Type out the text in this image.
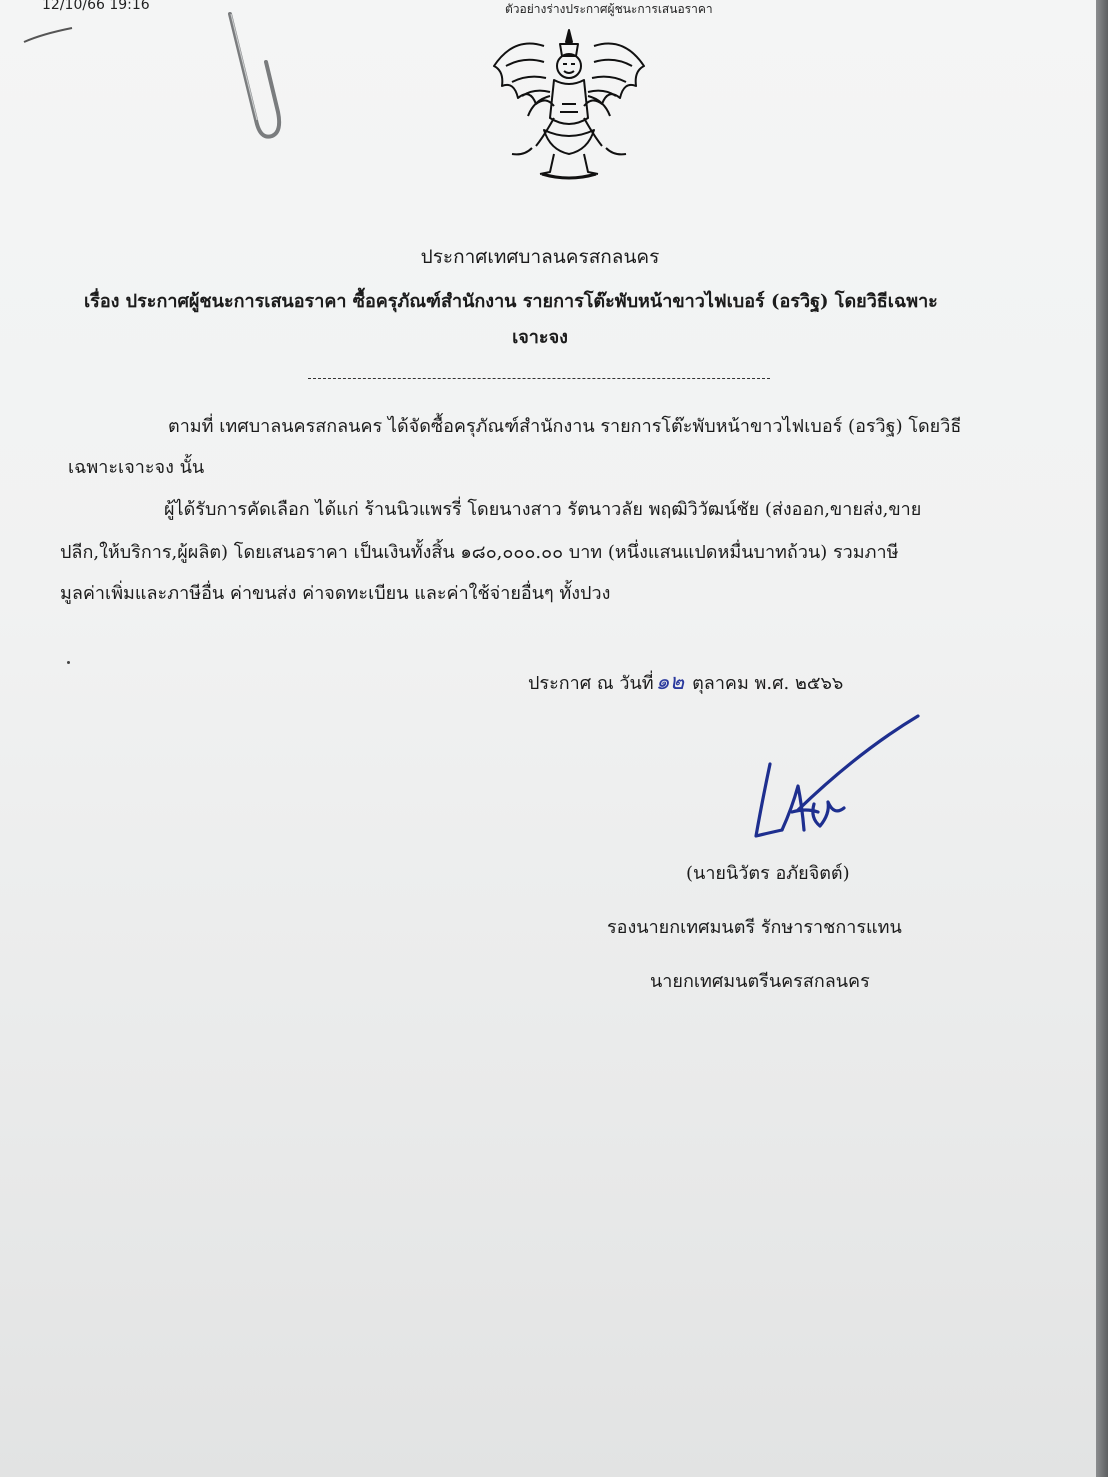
12/10/66 19:16	ตัวอย่างร่างประกาศผู้ชนะการเสนอราคา
ประกาศเทศบาลนครสกลนคร
เรื่อง ประกาศผู้ชนะการเสนอราคา ซื้อครุภัณฑ์สำนักงาน รายการโต๊ะพับหน้าขาวไฟเบอร์ (อรวิฐ) โดยวิธีเฉพาะ
เจาะจง
ตามที่ เทศบาลนครสกลนคร ได้จัดซื้อครุภัณฑ์สำนักงาน รายการโต๊ะพับหน้าขาวไฟเบอร์ (อรวิฐ) โดยวิธี
เฉพาะเจาะจง นั้น
ผู้ได้รับการคัดเลือก ได้แก่ ร้านนิวแพรรี่ โดยนางสาว รัตนาวลัย พฤฒิวิวัฒน์ชัย (ส่งออก,ขายส่ง,ขาย
ปลีก,ให้บริการ,ผู้ผลิต) โดยเสนอราคา เป็นเงินทั้งสิ้น ๑๘๐,๐๐๐.๐๐ บาท (หนึ่งแสนแปดหมื่นบาทถ้วน) รวมภาษี
มูลค่าเพิ่มและภาษีอื่น ค่าขนส่ง ค่าจดทะเบียน และค่าใช้จ่ายอื่นๆ ทั้งปวง
ประกาศ ณ วันที่๑๒ ตุลาคม พ.ศ. ๒๕๖๖
(นายนิวัตร อภัยจิตต์)
รองนายกเทศมนตรี รักษาราชการแทน
นายกเทศมนตรีนครสกลนคร
